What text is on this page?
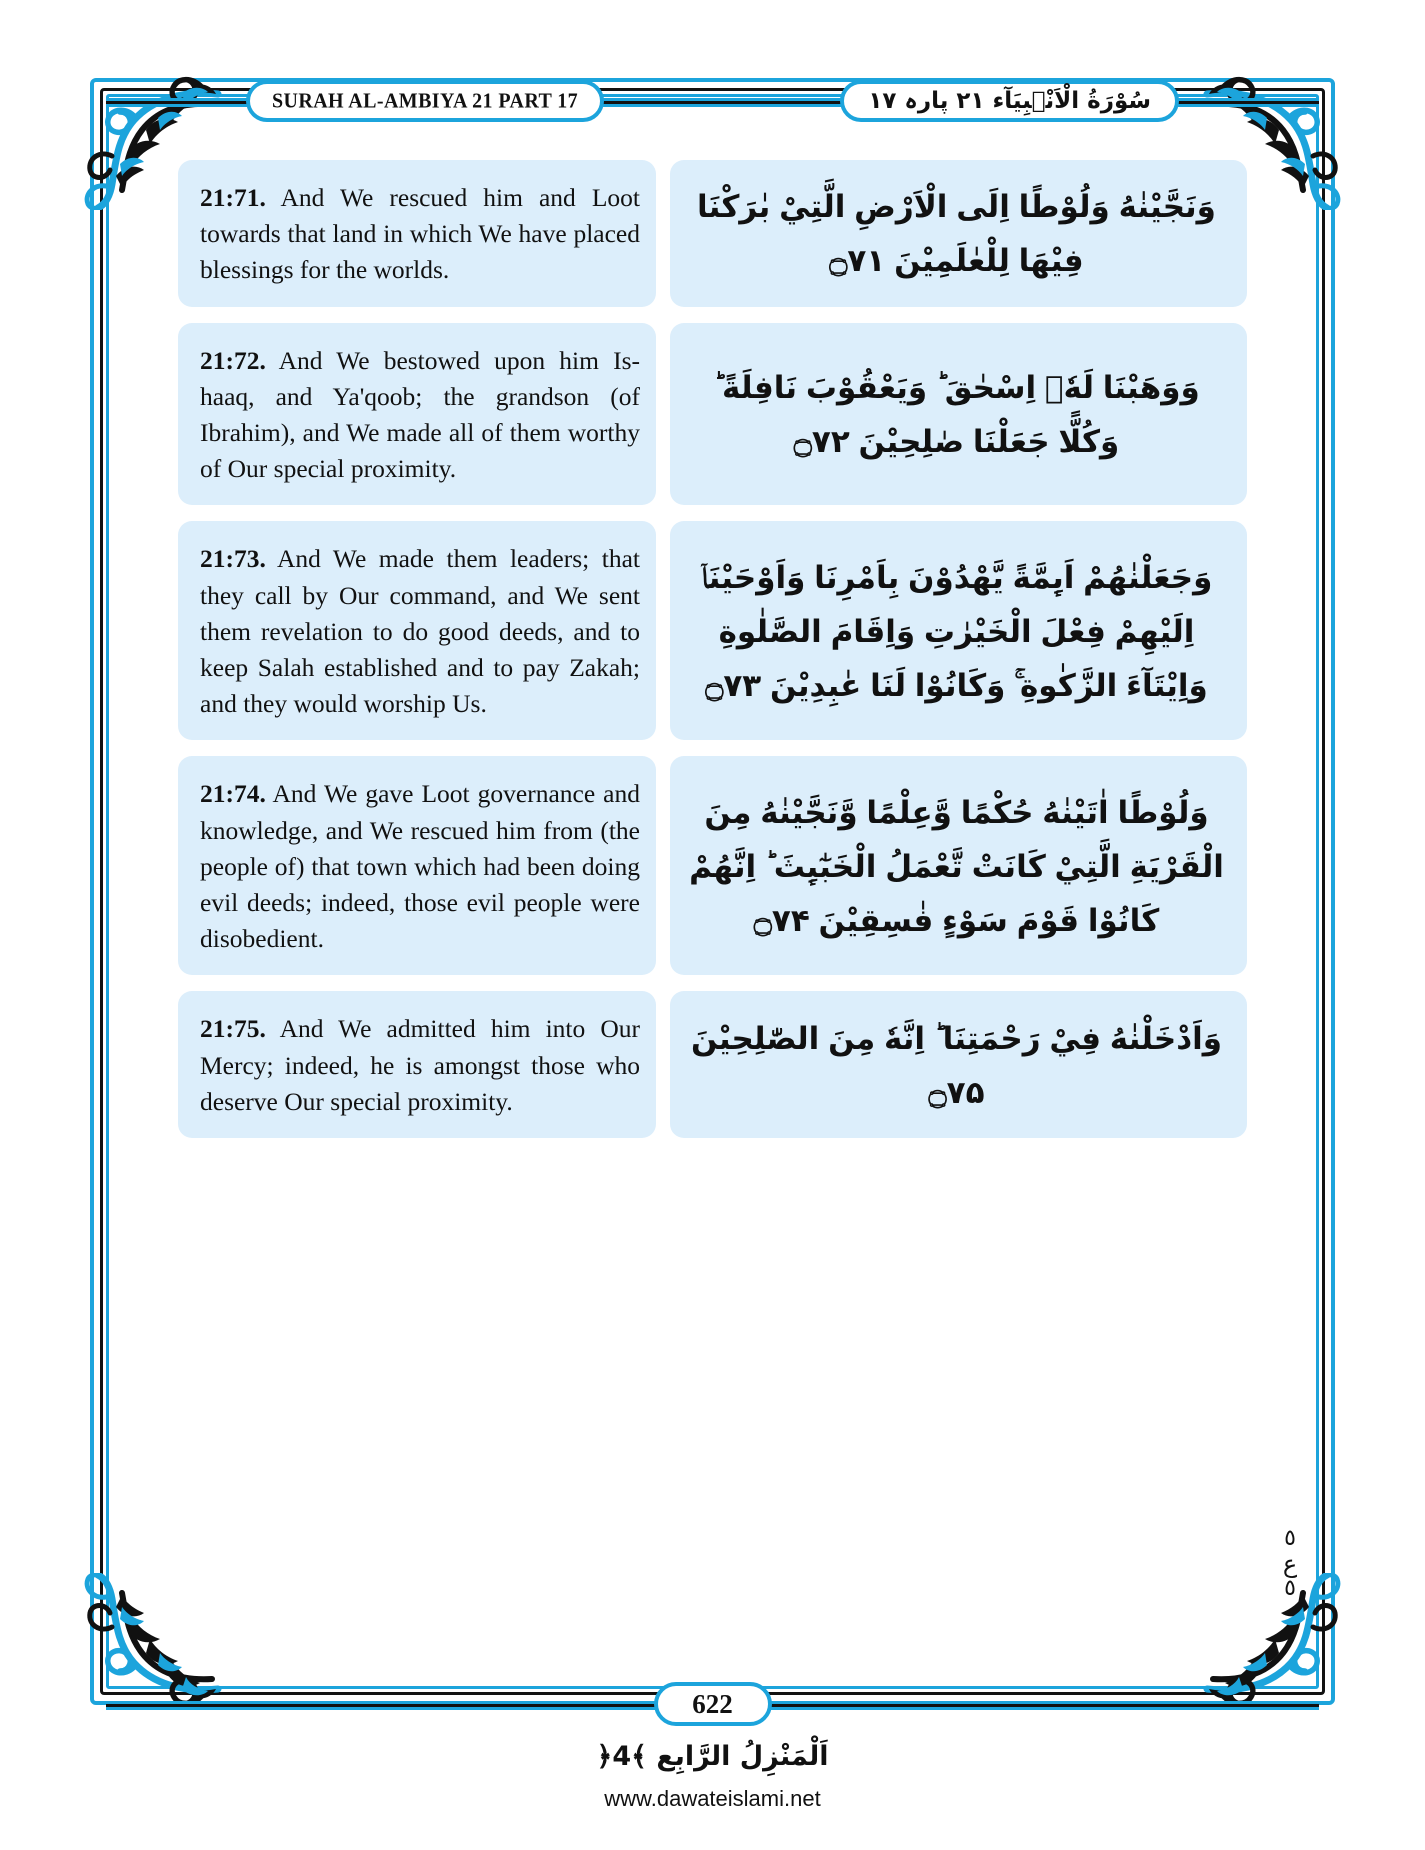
SURAH AL-AMBIYA 21 PART 17	سُوْرَةُ الْاَنْۢبِيَآء ٢١ پارہ ١٧
21:71. And We rescued him and Loot towards that land in which We have placed blessings for the worlds.
وَنَجَّيْنٰهُ وَلُوْطًا اِلَى الْاَرْضِ الَّتِيْ بٰرَكْنَا فِيْهَا لِلْعٰلَمِيْنَ ۝۷۱
21:72. And We bestowed upon him Is-haaq, and Ya'qoob; the grandson (of Ibrahim), and We made all of them worthy of Our special proximity.
وَوَهَبْنَا لَهٗۤ اِسْحٰقَ ؕ وَيَعْقُوْبَ نَافِلَةً ؕ وَكُلًّا جَعَلْنَا صٰلِحِيْنَ ۝۷۲
21:73. And We made them leaders; that they call by Our command, and We sent them revelation to do good deeds, and to keep Salah established and to pay Zakah; and they would worship Us.
وَجَعَلْنٰهُمْ اَىِٕمَّةً يَّهْدُوْنَ بِاَمْرِنَا وَاَوْحَيْنَاۤ اِلَيْهِمْ فِعْلَ الْخَيْرٰتِ وَاِقَامَ الصَّلٰوةِ وَاِيْتَآءَ الزَّكٰوةِ ۚ وَكَانُوْا لَنَا عٰبِدِيْنَ ۝۷۳
21:74. And We gave Loot governance and knowledge, and We rescued him from (the people of) that town which had been doing evil deeds; indeed, those evil people were disobedient.
وَلُوْطًا اٰتَيْنٰهُ حُكْمًا وَّعِلْمًا وَّنَجَّيْنٰهُ مِنَ الْقَرْيَةِ الَّتِيْ كَانَتْ تَّعْمَلُ الْخَبٰٓىِٕثَ ؕ اِنَّهُمْ كَانُوْا قَوْمَ سَوْءٍ فٰسِقِيْنَ ۝۷۴
21:75. And We admitted him into Our Mercy; indeed, he is amongst those who deserve Our special proximity.
وَاَدْخَلْنٰهُ فِيْ رَحْمَتِنَا ؕ اِنَّهٗ مِنَ الصّٰلِحِيْنَ ۝۷۵
٥
ع
٥
622
اَلْمَنْزِلُ الرَّابِع ﴾4﴿
www.dawateislami.net
